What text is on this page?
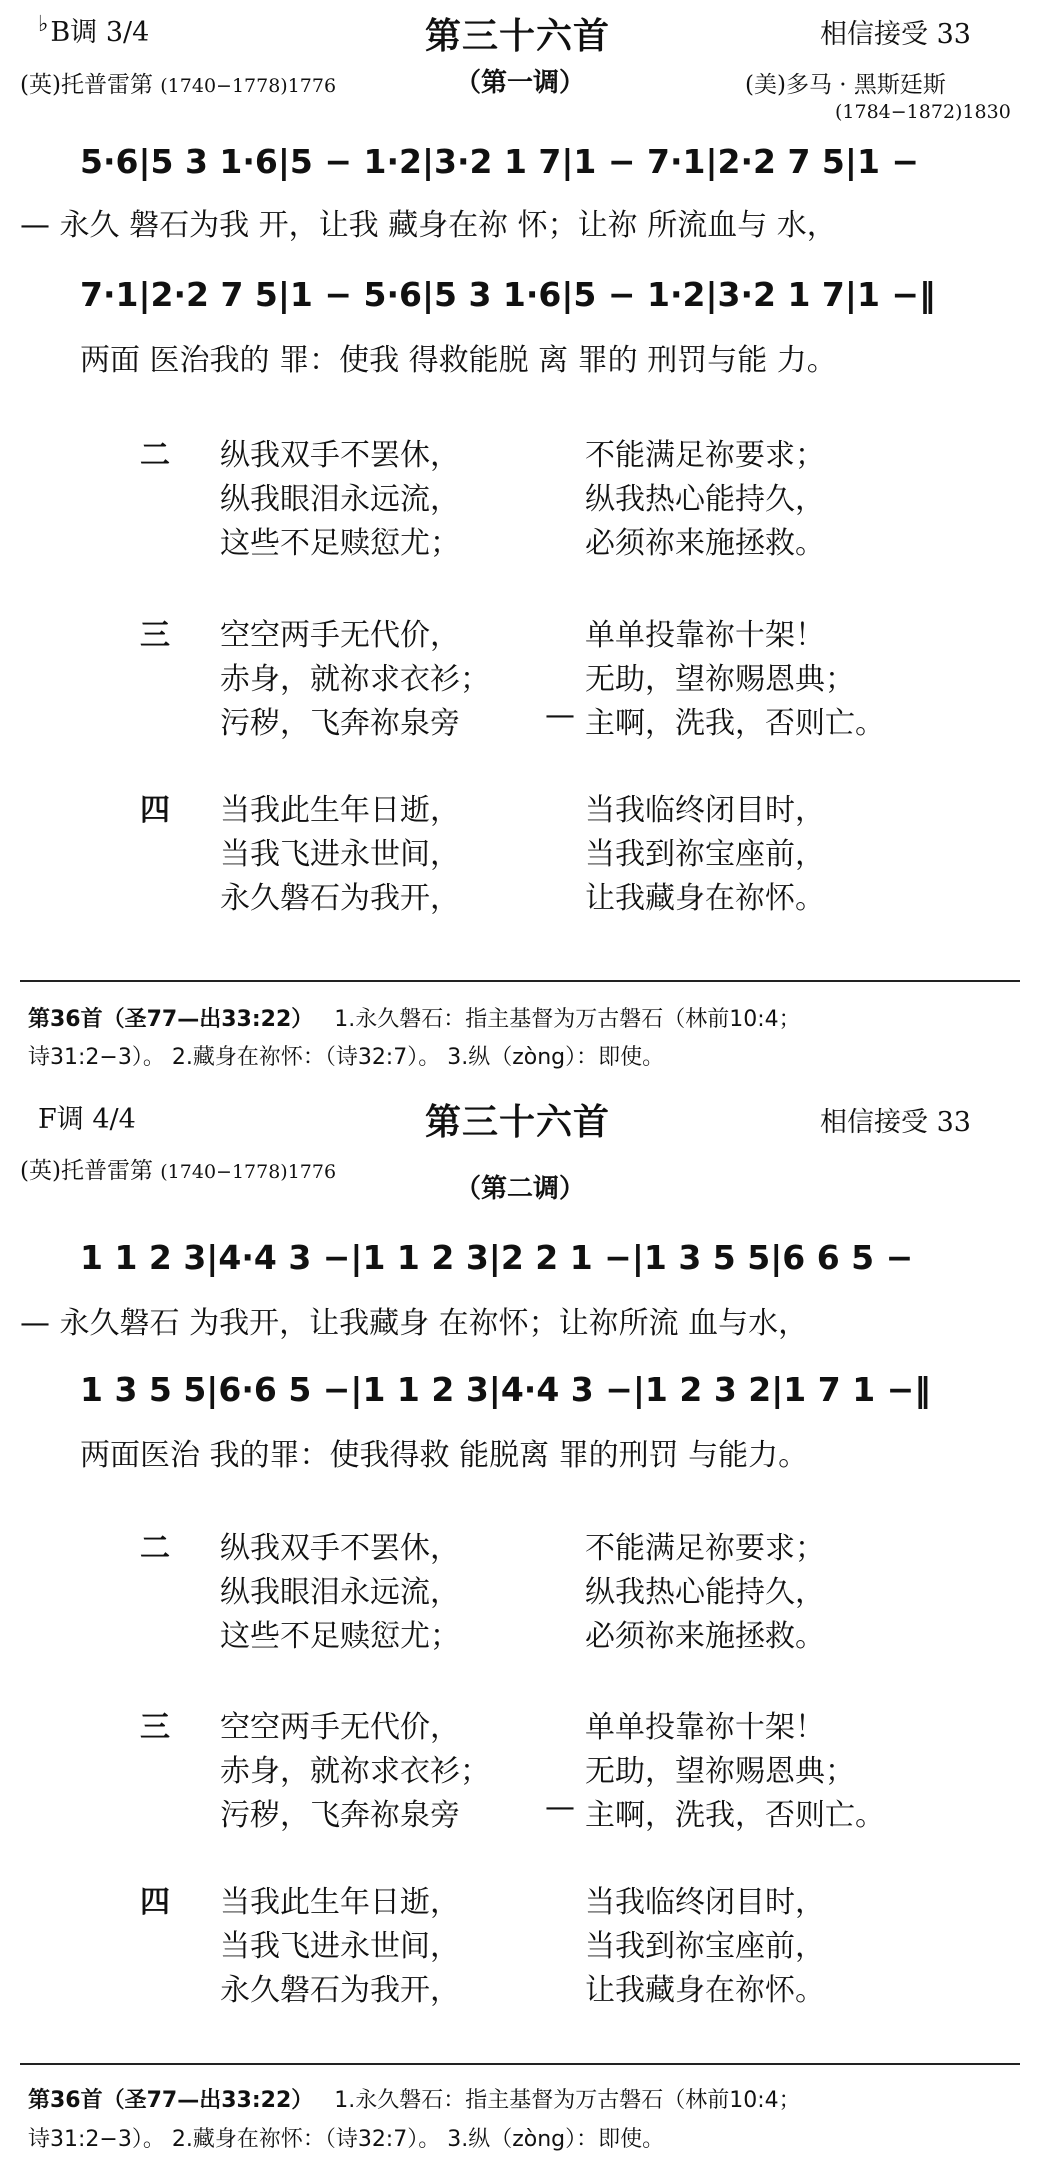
♭B调 3/4	第三十六首	相信接受 33
(英)托普雷第 (1740−1778)1776	（第一调）	(美)多马 · 黑斯廷斯
(1784−1872)1830
5·6|5 3 1·6|5 − 1·2|3·2 1 7|1 − 7·1|2·2 7 5|1 −
— 永久 磐石为我 开，让我 藏身在祢 怀；让祢 所流血与 水，
7·1|2·2 7 5|1 − 5·6|5 3 1·6|5 − 1·2|3·2 1 7|1 −‖
两面 医治我的 罪：使我 得救能脱 离 罪的 刑罚与能 力。
二 纵我双手不罢休，	不能满足祢要求；
纵我眼泪永远流，	纵我热心能持久，
这些不足赎愆尤；	必须祢来施拯救。
三 空空两手无代价，	单单投靠祢十架！
赤身，就祢求衣衫；	无助，望祢赐恩典；
污秽，飞奔祢泉旁	— 主啊，洗我，否则亡。
四 当我此生年日逝，	当我临终闭目时，
当我飞进永世间，	当我到祢宝座前，
永久磐石为我开，	让我藏身在祢怀。
第36首（圣77—出33:22） 1.永久磐石：指主基督为万古磐石（林前10:4；
诗31:2−3）。 2.藏身在祢怀：（诗32:7）。 3.纵（zòng）：即使。
F调 4/4	第三十六首	相信接受 33
(英)托普雷第 (1740−1778)1776
（第二调）
1 1 2 3|4·4 3 −|1 1 2 3|2 2 1 −|1 3 5 5|6 6 5 −
— 永久磐石 为我开，让我藏身 在祢怀；让祢所流 血与水，
1 3 5 5|6·6 5 −|1 1 2 3|4·4 3 −|1 2 3 2|1 7 1 −‖
两面医治 我的罪：使我得救 能脱离 罪的刑罚 与能力。
二 纵我双手不罢休，	不能满足祢要求；
纵我眼泪永远流，	纵我热心能持久，
这些不足赎愆尤；	必须祢来施拯救。
三 空空两手无代价，	单单投靠祢十架！
赤身，就祢求衣衫；	无助，望祢赐恩典；
污秽，飞奔祢泉旁	— 主啊，洗我，否则亡。
四 当我此生年日逝，	当我临终闭目时，
当我飞进永世间，	当我到祢宝座前，
永久磐石为我开，	让我藏身在祢怀。
第36首（圣77—出33:22） 1.永久磐石：指主基督为万古磐石（林前10:4；
诗31:2−3）。 2.藏身在祢怀：（诗32:7）。 3.纵（zòng）：即使。
